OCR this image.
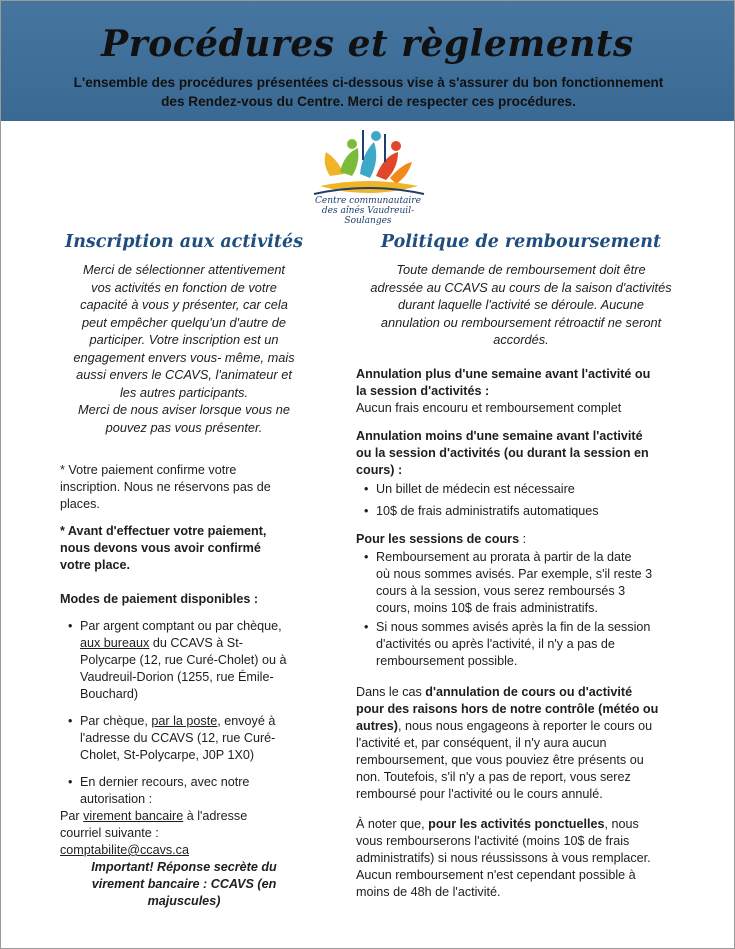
Procédures et règlements
L'ensemble des procédures présentées ci-dessous vise à s'assurer du bon fonctionnement
des Rendez-vous du Centre. Merci de respecter ces procédures.
Centre communautaire
des aînés Vaudreuil-Soulanges
Inscription aux activités
Merci de sélectionner attentivement
vos activités en fonction de votre
capacité à vous y présenter, car cela
peut empêcher quelqu'un d'autre de
participer. Votre inscription est un
engagement envers vous- même, mais
aussi envers le CCAVS, l'animateur et
les autres participants.
Merci de nous aviser lorsque vous ne
pouvez pas vous présenter.
* Votre paiement confirme votre
inscription. Nous ne réservons pas de
places.
* Avant d'effectuer votre paiement,
nous devons vous avoir confirmé
votre place.
Modes de paiement disponibles :
• Par argent comptant ou par chèque,
aux bureaux du CCAVS à St-
Polycarpe (12, rue Curé-Cholet) ou à
Vaudreuil-Dorion (1255, rue Émile-
Bouchard)
• Par chèque, par la poste, envoyé à
l'adresse du CCAVS (12, rue Curé-
Cholet, St-Polycarpe, J0P 1X0)
• En dernier recours, avec notre
autorisation :
Par virement bancaire à l'adresse
courriel suivante :
comptabilite@ccavs.ca
Important! Réponse secrète du
virement bancaire : CCAVS (en
majuscules)
Politique de remboursement
Toute demande de remboursement doit être
adressée au CCAVS au cours de la saison d'activités
durant laquelle l'activité se déroule. Aucune
annulation ou remboursement rétroactif ne seront
accordés.
Annulation plus d'une semaine avant l'activité ou
la session d'activités :
Aucun frais encouru et remboursement complet
Annulation moins d'une semaine avant l'activité
ou la session d'activités (ou durant la session en
cours) :
• Un billet de médecin est nécessaire
• 10$ de frais administratifs automatiques
Pour les sessions de cours :
• Remboursement au prorata à partir de la date
où nous sommes avisés. Par exemple, s'il reste 3
cours à la session, vous serez remboursés 3
cours, moins 10$ de frais administratifs.
• Si nous sommes avisés après la fin de la session
d'activités ou après l'activité, il n'y a pas de
remboursement possible.
Dans le cas d'annulation de cours ou d'activité
pour des raisons hors de notre contrôle (météo ou
autres), nous nous engageons à reporter le cours ou
l'activité et, par conséquent, il n'y aura aucun
remboursement, que vous pouviez être présents ou
non. Toutefois, s'il n'y a pas de report, vous serez
remboursé pour l'activité ou le cours annulé.
À noter que, pour les activités ponctuelles, nous
vous rembourserons l'activité (moins 10$ de frais
administratifs) si nous réussissons à vous remplacer.
Aucun remboursement n'est cependant possible à
moins de 48h de l'activité.
